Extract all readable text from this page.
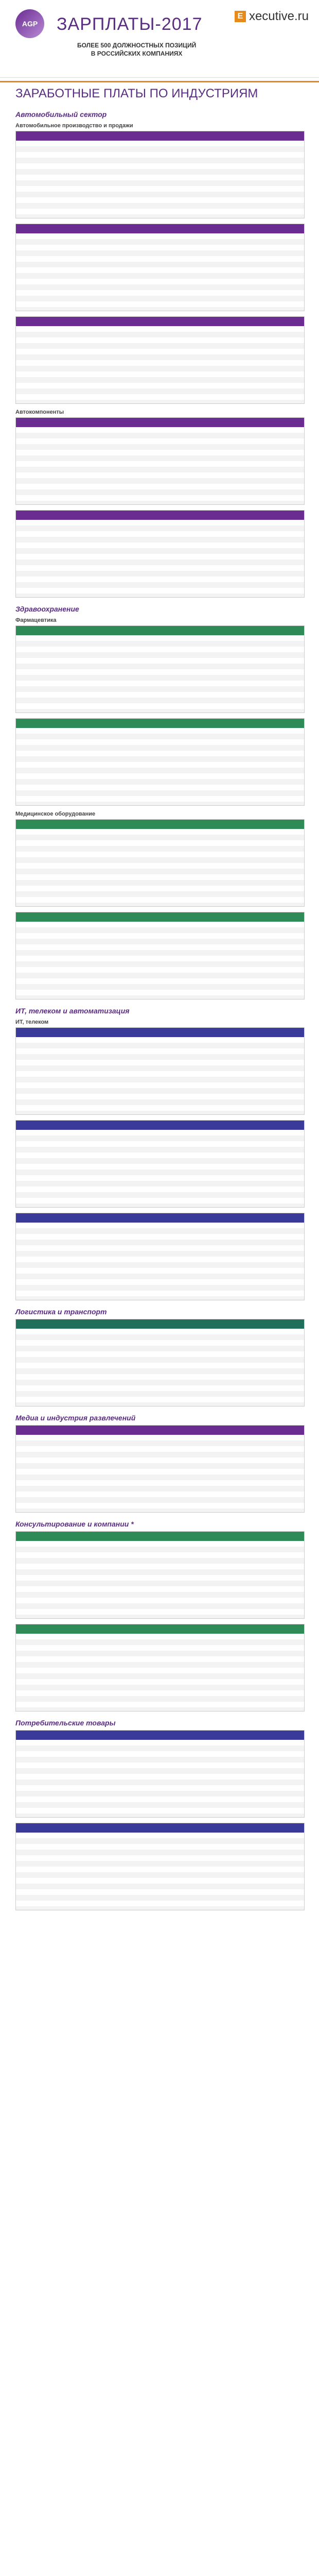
AGP
E xecutive.ru
ЗАРПЛАТЫ-2017
БОЛЕЕ 500 ДОЛЖНОСТНЫХ ПОЗИЦИЙ
В РОССИЙСКИХ КОМПАНИЯХ
ЗАРАБОТНЫЕ ПЛАТЫ ПО ИНДУСТРИЯМ
Автомобильный сектор
Автомобильное производство и продажи
Автокомпоненты
Здравоохранение
Фармацевтика
Медицинское оборудование
ИТ, телеком и автоматизация
ИТ, телеком
Логистика и транспорт
Медиа и индустрия развлечений
Консультирование и компании *
Потребительские товары
